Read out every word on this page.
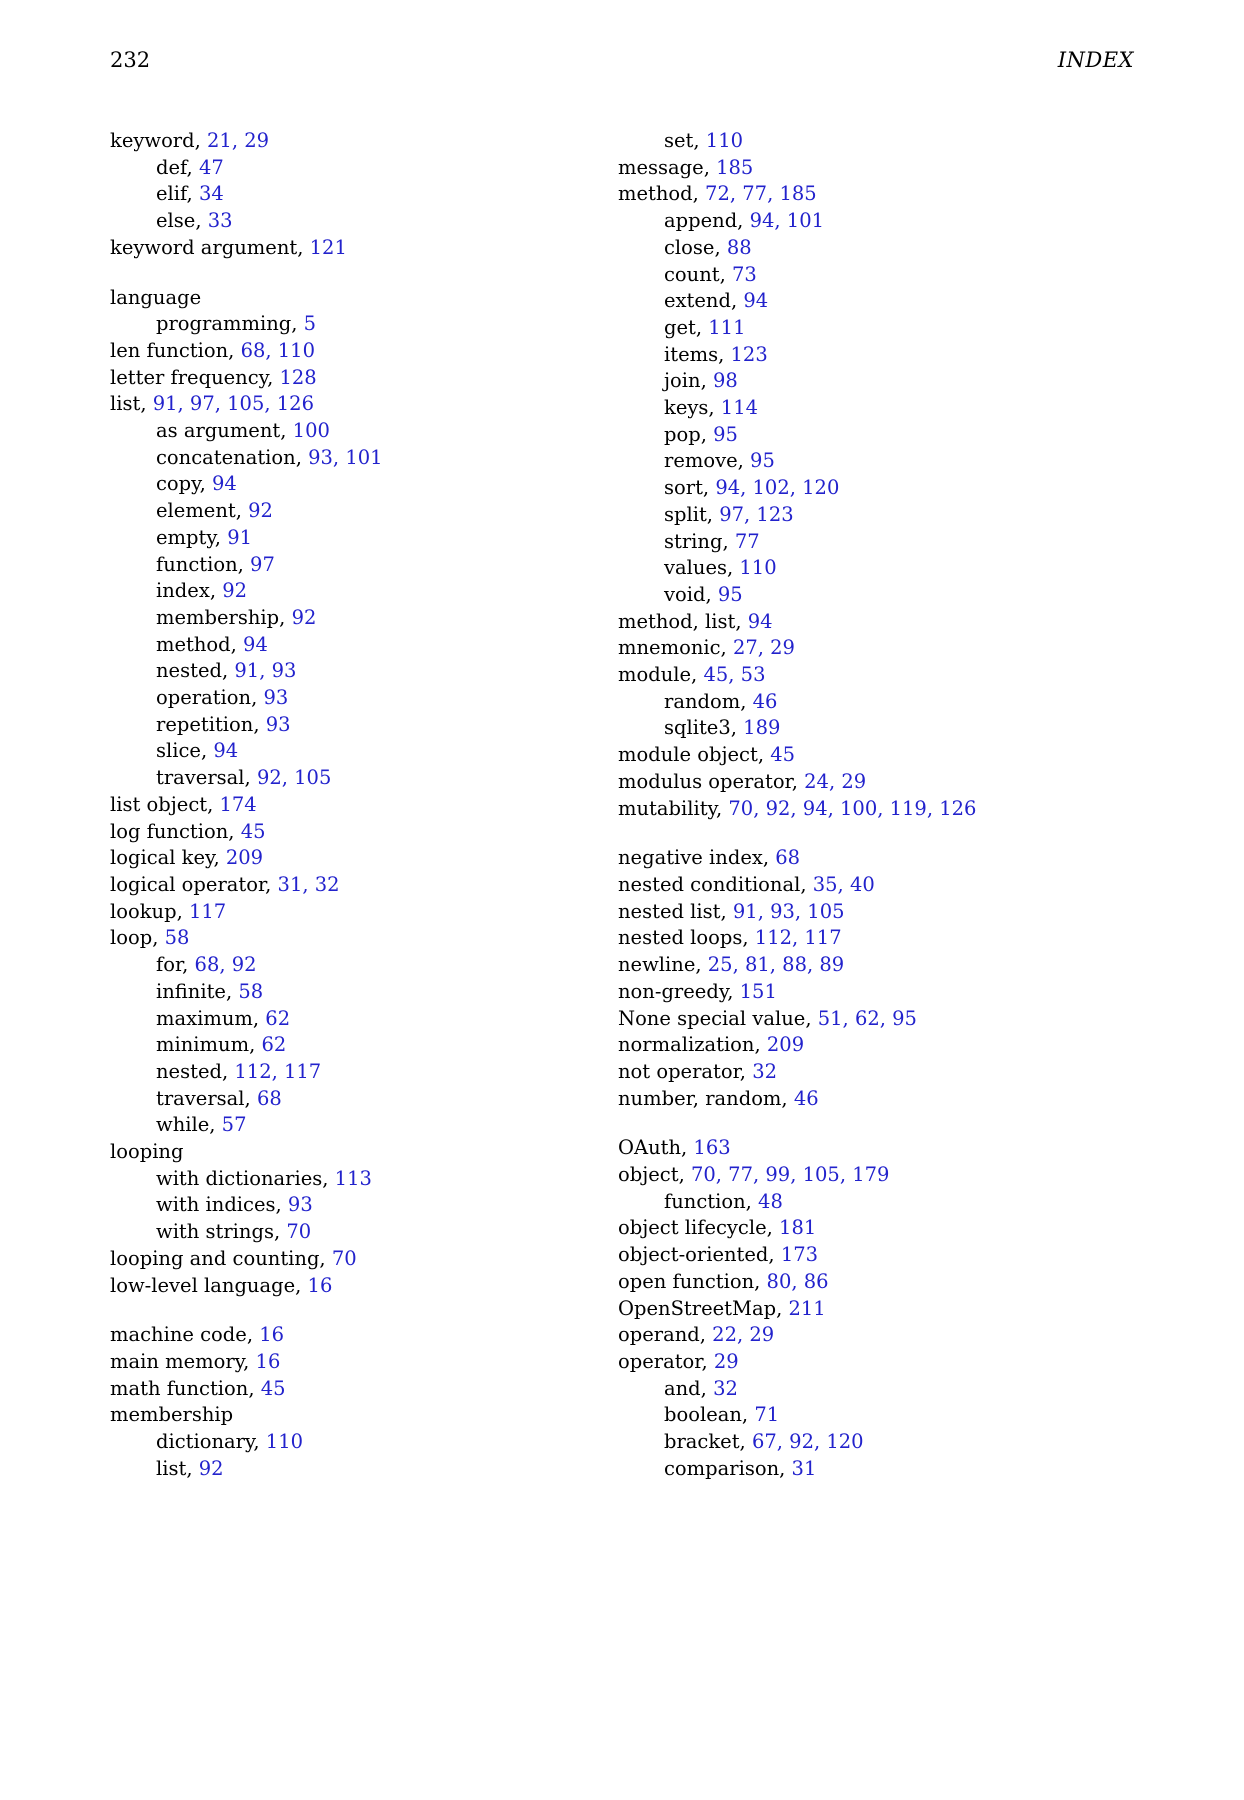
232	INDEX
keyword, 21, 29
def, 47
elif, 34
else, 33
keyword argument, 121
language
programming, 5
len function, 68, 110
letter frequency, 128
list, 91, 97, 105, 126
as argument, 100
concatenation, 93, 101
copy, 94
element, 92
empty, 91
function, 97
index, 92
membership, 92
method, 94
nested, 91, 93
operation, 93
repetition, 93
slice, 94
traversal, 92, 105
list object, 174
log function, 45
logical key, 209
logical operator, 31, 32
lookup, 117
loop, 58
for, 68, 92
infinite, 58
maximum, 62
minimum, 62
nested, 112, 117
traversal, 68
while, 57
looping
with dictionaries, 113
with indices, 93
with strings, 70
looping and counting, 70
low-level language, 16
machine code, 16
main memory, 16
math function, 45
membership
dictionary, 110
list, 92
set, 110
message, 185
method, 72, 77, 185
append, 94, 101
close, 88
count, 73
extend, 94
get, 111
items, 123
join, 98
keys, 114
pop, 95
remove, 95
sort, 94, 102, 120
split, 97, 123
string, 77
values, 110
void, 95
method, list, 94
mnemonic, 27, 29
module, 45, 53
random, 46
sqlite3, 189
module object, 45
modulus operator, 24, 29
mutability, 70, 92, 94, 100, 119, 126
negative index, 68
nested conditional, 35, 40
nested list, 91, 93, 105
nested loops, 112, 117
newline, 25, 81, 88, 89
non-greedy, 151
None special value, 51, 62, 95
normalization, 209
not operator, 32
number, random, 46
OAuth, 163
object, 70, 77, 99, 105, 179
function, 48
object lifecycle, 181
object-oriented, 173
open function, 80, 86
OpenStreetMap, 211
operand, 22, 29
operator, 29
and, 32
boolean, 71
bracket, 67, 92, 120
comparison, 31
